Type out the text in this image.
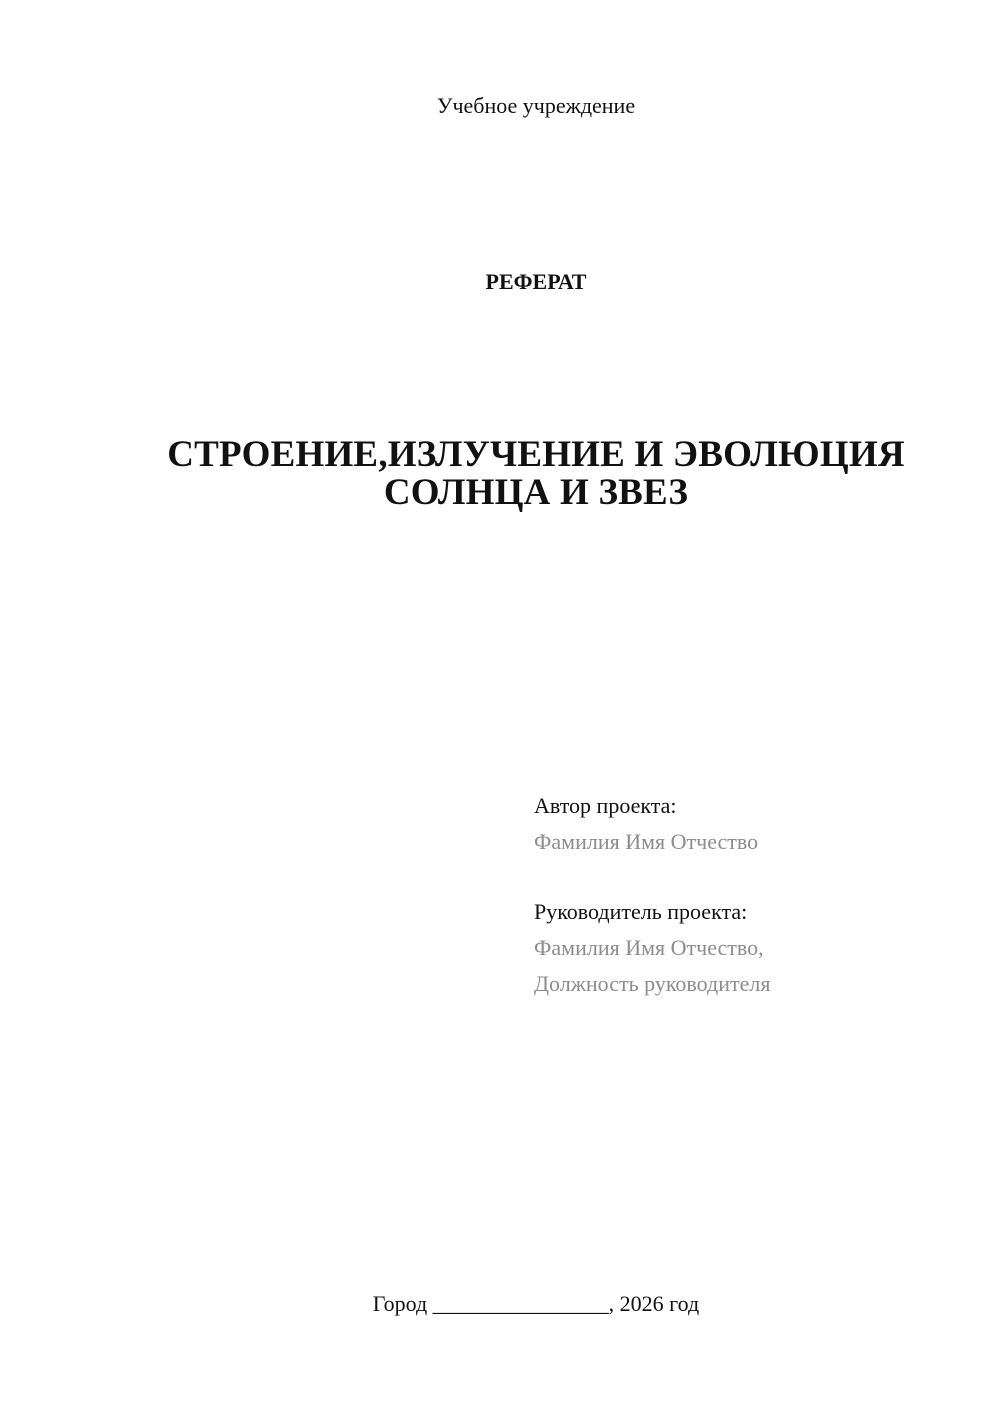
Учебное учреждение
РЕФЕРАТ
СТРОЕНИЕ,ИЗЛУЧЕНИЕ И ЭВОЛЮЦИЯ
СОЛНЦА И ЗВЕЗ
Автор проекта:
Фамилия Имя Отчество
Руководитель проекта:
Фамилия Имя Отчество,
Должность руководителя
Город ________________, 2026 год
